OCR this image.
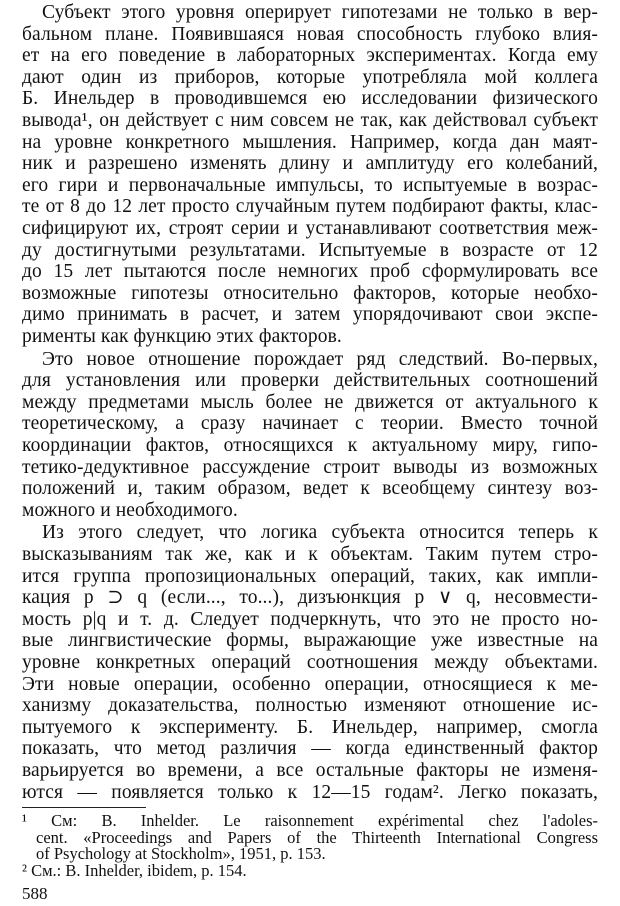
Субъект этого уровня оперирует гипотезами не только в вер-
бальном плане. Появившаяся новая способность глубоко влия-
ет на его поведение в лабораторных экспериментах. Когда ему
дают один из приборов, которые употребляла мой коллега
Б. Инельдер в проводившемся ею исследовании физического
вывода¹, он действует с ним совсем не так, как действовал субъект
на уровне конкретного мышления. Например, когда дан маят-
ник и разрешено изменять длину и амплитуду его колебаний,
его гири и первоначальные импульсы, то испытуемые в возрас-
те от 8 до 12 лет просто случайным путем подбирают факты, клас-
сифицируют их, строят серии и устанавливают соответствия меж-
ду достигнутыми результатами. Испытуемые в возрасте от 12
до 15 лет пытаются после немногих проб сформулировать все
возможные гипотезы относительно факторов, которые необхо-
димо принимать в расчет, и затем упорядочивают свои экспе-
рименты как функцию этих факторов.
Это новое отношение порождает ряд следствий. Во-первых,
для установления или проверки действительных соотношений
между предметами мысль более не движется от актуального к
теоретическому, а сразу начинает с теории. Вместо точной
координации фактов, относящихся к актуальному миру, гипо-
тетико-дедуктивное рассуждение строит выводы из возможных
положений и, таким образом, ведет к всеобщему синтезу воз-
можного и необходимого.
Из этого следует, что логика субъекта относится теперь к
высказываниям так же, как и к объектам. Таким путем стро-
ится группа пропозициональных операций, таких, как импли-
кация p ⊃ q (если..., то...), дизъюнкция p ∨ q, несовмести-
мость p|q и т. д. Следует подчеркнуть, что это не просто но-
вые лингвистические формы, выражающие уже известные на
уровне конкретных операций соотношения между объектами.
Эти новые операции, особенно операции, относящиеся к ме-
ханизму доказательства, полностью изменяют отношение ис-
пытуемого к эксперименту. Б. Инельдер, например, смогла
показать, что метод различия — когда единственный фактор
варьируется во времени, а все остальные факторы не изменя-
ются — появляется только к 12—15 годам². Легко показать,
¹ См: B. Inhelder. Le raisonnement expérimental chez l'adoles-
cent. «Proceedings and Papers of the Thirteenth International Congress
of Psychology at Stockholm», 1951, p. 153.
² См.: B. Inhelder, ibidem, p. 154.
588
